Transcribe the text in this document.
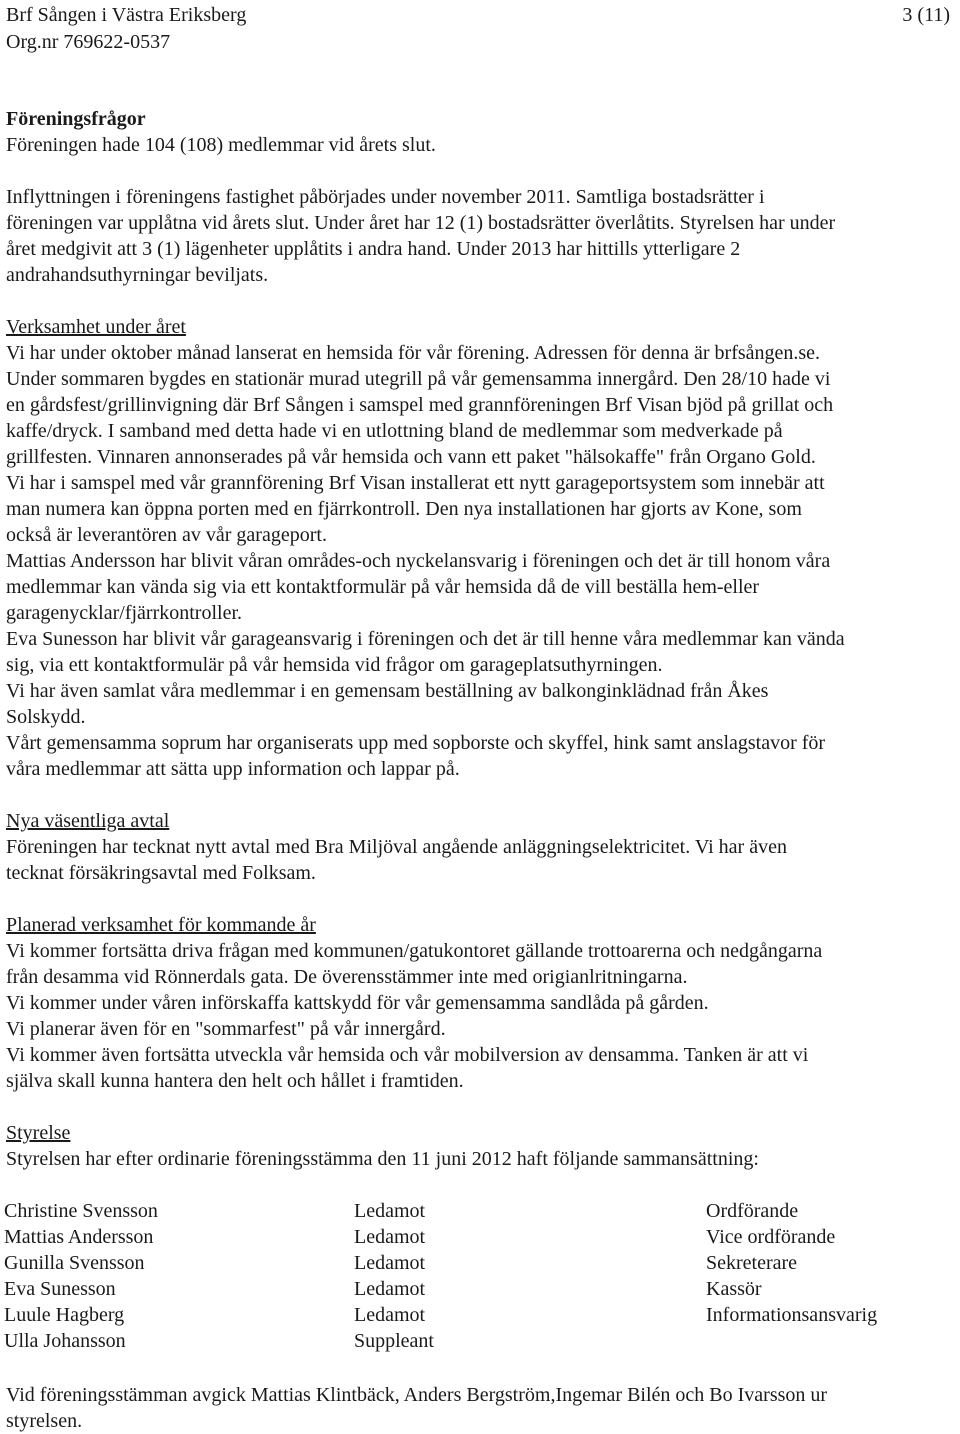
Brf Sången i Västra Eriksberg
Org.nr 769622-0537
3 (11)

Föreningsfrågor

Föreningen hade 104 (108) medlemmar vid årets slut.

Inflyttningen i föreningens fastighet påbörjades under november 2011. Samtliga bostadsrätter i

föreningen var upplåtna vid årets slut. Under året har 12 (1) bostadsrätter överlåtits. Styrelsen har under

året medgivit att 3 (1) lägenheter upplåtits i andra hand. Under 2013 har hittills ytterligare 2

andrahandsuthyrningar beviljats.

Verksamhet under året

Vi har under oktober månad lanserat en hemsida för vår förening. Adressen för denna är brfsången.se.

Under sommaren bygdes en stationär murad utegrill på vår gemensamma innergård. Den 28/10 hade vi

en gårdsfest/grillinvigning där Brf Sången i samspel med grannföreningen Brf Visan bjöd på grillat och

kaffe/dryck. I samband med detta hade vi en utlottning bland de medlemmar som medverkade på

grillfesten. Vinnaren annonserades på vår hemsida och vann ett paket "hälsokaffe" från Organo Gold.

Vi har i samspel med vår grannförening Brf Visan installerat ett nytt garageportsystem som innebär att

man numera kan öppna porten med en fjärrkontroll. Den nya installationen har gjorts av Kone, som

också är leverantören av vår garageport.

Mattias Andersson har blivit våran områdes-och nyckelansvarig i föreningen och det är till honom våra

medlemmar kan vända sig via ett kontaktformulär på vår hemsida då de vill beställa hem-eller

garagenycklar/fjärrkontroller.

Eva Sunesson har blivit vår garageansvarig i föreningen och det är till henne våra medlemmar kan vända

sig, via ett kontaktformulär på vår hemsida vid frågor om garageplatsuthyrningen.

Vi har även samlat våra medlemmar i en gemensam beställning av balkonginklädnad från Åkes

Solskydd.

Vårt gemensamma soprum har organiserats upp med sopborste och skyffel, hink samt anslagstavor för

våra medlemmar att sätta upp information och lappar på.

Nya väsentliga avtal

Föreningen har tecknat nytt avtal med Bra Miljöval angående anläggningselektricitet. Vi har även

tecknat försäkringsavtal med Folksam.

Planerad verksamhet för kommande år

Vi kommer fortsätta driva frågan med kommunen/gatukontoret gällande trottoarerna och nedgångarna

från desamma vid Rönnerdals gata. De överensstämmer inte med origianlritningarna.

Vi kommer under våren införskaffa kattskydd för vår gemensamma sandlåda på gården.

Vi planerar även för en "sommarfest" på vår innergård.

Vi kommer även fortsätta utveckla vår hemsida och vår mobilversion av densamma. Tanken är att vi

själva skall kunna hantera den helt och hållet i framtiden.

Styrelse

Styrelsen har efter ordinarie föreningsstämma den 11 juni 2012 haft följande sammansättning:

Christine Svensson	Ledamot	Ordförande
Mattias Andersson	Ledamot	Vice ordförande
Gunilla Svensson	Ledamot	Sekreterare
Eva Sunesson	Ledamot	Kassör
Luule Hagberg	Ledamot	Informationsansvarig
Ulla Johansson	Suppleant

Vid föreningsstämman avgick Mattias Klintbäck, Anders Bergström,Ingemar Bilén och Bo Ivarsson ur

styrelsen.
